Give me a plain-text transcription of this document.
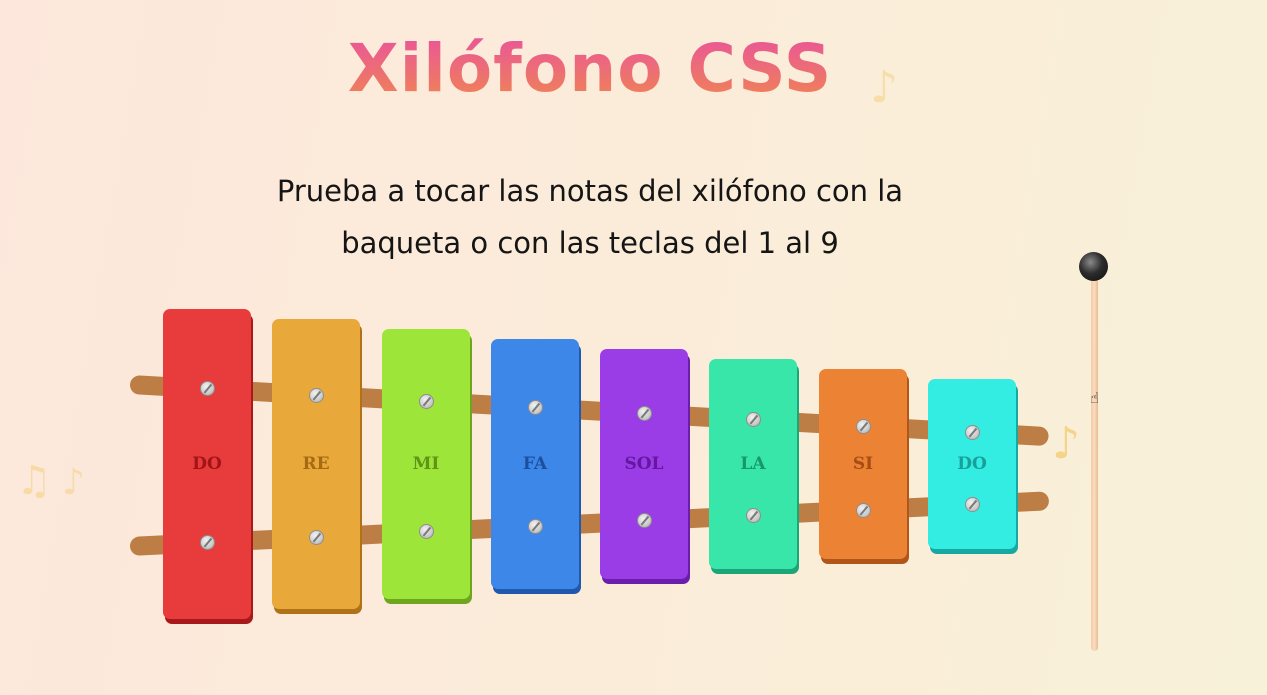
Xilófono CSS
Prueba a tocar las notas del xilófono con la
baqueta o con las teclas del 1 al 9
♪
♫ ♪
♪
DO	RE	MI	FA	SOL	LA	SI	DO
☝
